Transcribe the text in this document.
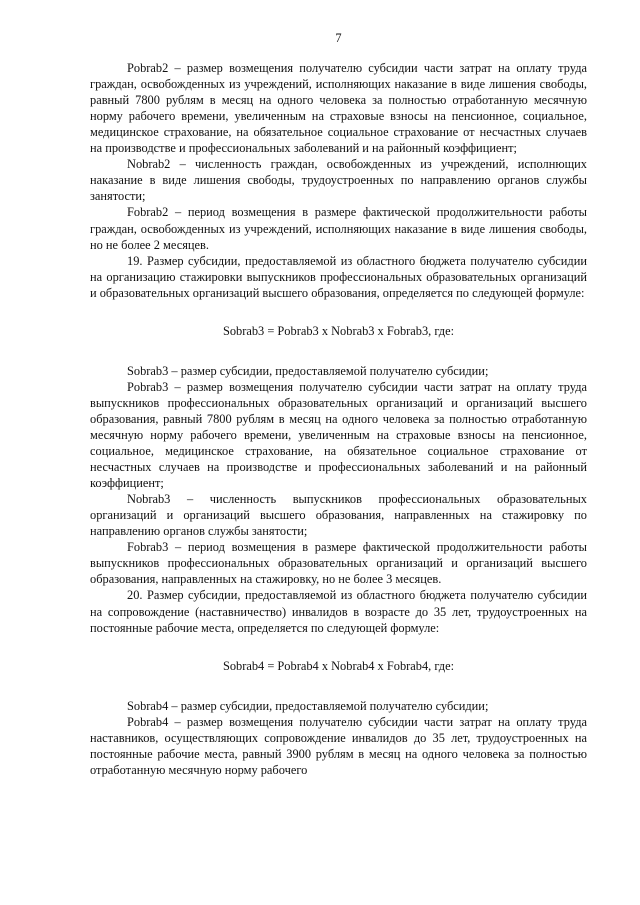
7

Pobrab2 – размер возмещения получателю субсидии части затрат на оплату труда граждан, освобожденных из учреждений, исполняющих наказание в виде лишения свободы, равный 7800 рублям в месяц на одного человека за полностью отработанную месячную норму рабочего времени, увеличенным на страховые взносы на пенсионное, социальное, медицинское страхование, на обязательное социальное страхование от несчастных случаев на производстве и профессиональных заболеваний и на районный коэффициент;

Nobrab2 – численность граждан, освобожденных из учреждений, исполнющих наказание в виде лишения свободы, трудоустроенных по направлению органов службы занятости;

Fobrab2 – период возмещения в размере фактической продолжительности работы граждан, освобожденных из учреждений, исполняющих наказание в виде лишения свободы, но не более 2 месяцев.

19. Размер субсидии, предоставляемой из областного бюджета получателю субсидии на организацию стажировки выпускников профессиональных образовательных организаций и образовательных организаций высшего образования, определяется по следующей формуле:

Sobrab3 = Pobrab3 x Nobrab3 x Fobrab3, где:

Sobrab3 – размер субсидии, предоставляемой получателю субсидии;

Pobrab3 – размер возмещения получателю субсидии части затрат на оплату труда выпускников профессиональных образовательных организаций и организаций высшего образования, равный 7800 рублям в месяц на одного человека за полностью отработанную месячную норму рабочего времени, увеличенным на страховые взносы на пенсионное, социальное, медицинское страхование, на обязательное социальное страхование от несчастных случаев на производстве и профессиональных заболеваний и на районный коэффициент;

Nobrab3 – численность выпускников профессиональных образовательных организаций и организаций высшего образования, направленных на стажировку по направлению органов службы занятости;

Fobrab3 – период возмещения в размере фактической продолжительности работы выпускников профессиональных образовательных организаций и организаций высшего образования, направленных на стажировку, но не более 3 месяцев.

20. Размер субсидии, предоставляемой из областного бюджета получателю субсидии на сопровождение (наставничество) инвалидов в возрасте до 35 лет, трудоустроенных на постоянные рабочие места, определяется по следующей формуле:

Sobrab4 = Pobrab4 x Nobrab4 x Fobrab4, где:

Sobrab4 – размер субсидии, предоставляемой получателю субсидии;

Pobrab4 – размер возмещения получателю субсидии части затрат на оплату труда наставников, осуществляющих сопровождение инвалидов до 35 лет, трудоустроенных на постоянные рабочие места, равный 3900 рублям в месяц на одного человека за полностью отработанную месячную норму рабочего
